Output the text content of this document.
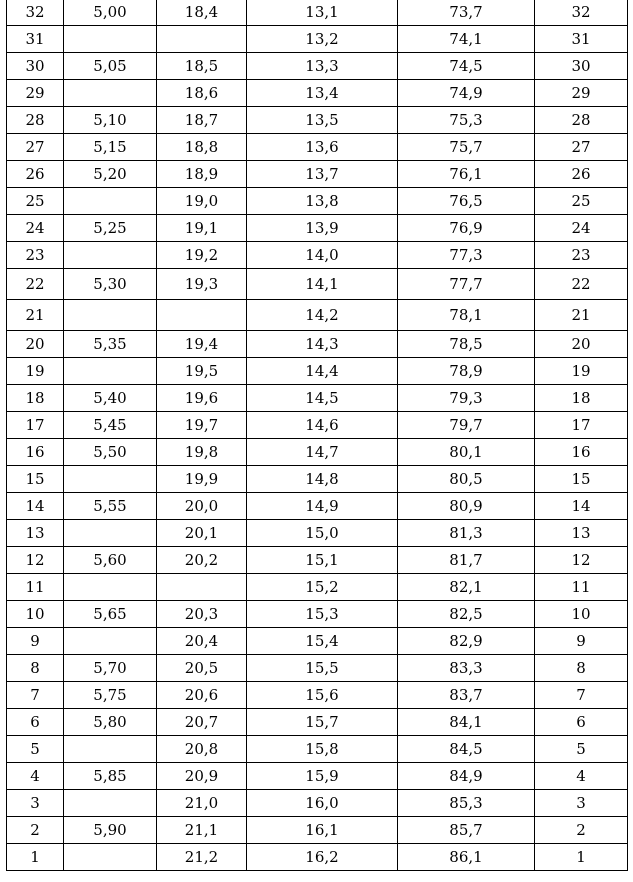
32	5,00	18,4	13,1	73,7	32
31			13,2	74,1	31
30	5,05	18,5	13,3	74,5	30
29		18,6	13,4	74,9	29
28	5,10	18,7	13,5	75,3	28
27	5,15	18,8	13,6	75,7	27
26	5,20	18,9	13,7	76,1	26
25		19,0	13,8	76,5	25
24	5,25	19,1	13,9	76,9	24
23		19,2	14,0	77,3	23
22	5,30	19,3	14,1	77,7	22
21			14,2	78,1	21
20	5,35	19,4	14,3	78,5	20
19		19,5	14,4	78,9	19
18	5,40	19,6	14,5	79,3	18
17	5,45	19,7	14,6	79,7	17
16	5,50	19,8	14,7	80,1	16
15		19,9	14,8	80,5	15
14	5,55	20,0	14,9	80,9	14
13		20,1	15,0	81,3	13
12	5,60	20,2	15,1	81,7	12
11			15,2	82,1	11
10	5,65	20,3	15,3	82,5	10
9		20,4	15,4	82,9	9
8	5,70	20,5	15,5	83,3	8
7	5,75	20,6	15,6	83,7	7
6	5,80	20,7	15,7	84,1	6
5		20,8	15,8	84,5	5
4	5,85	20,9	15,9	84,9	4
3		21,0	16,0	85,3	3
2	5,90	21,1	16,1	85,7	2
1		21,2	16,2	86,1	1
